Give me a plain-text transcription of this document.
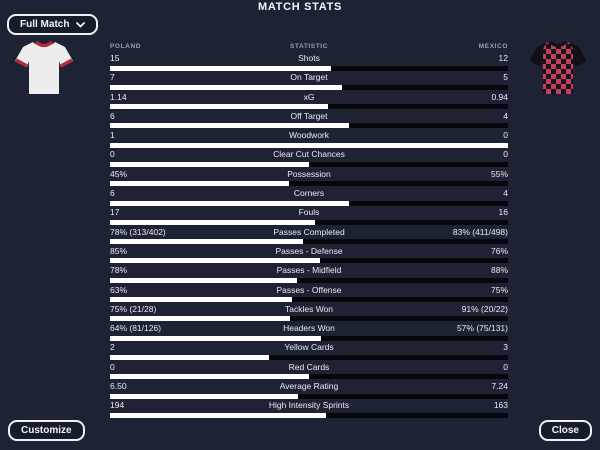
MATCH STATS
Full Match
POLAND	STATISTIC	MEXICO
15	Shots	12
7	On Target	5
1.14	xG	0.94
6	Off Target	4
1	Woodwork	0
0	Clear Cut Chances	0
45%	Possession	55%
6	Corners	4
17	Fouls	16
78% (313/402)	Passes Completed	83% (411/498)
85%	Passes - Defense	76%
78%	Passes - Midfield	88%
63%	Passes - Offense	75%
75% (21/28)	Tackles Won	91% (20/22)
64% (81/126)	Headers Won	57% (75/131)
2	Yellow Cards	3
0	Red Cards	0
6.50	Average Rating	7.24
194	High Intensity Sprints	163
Customize	Close
